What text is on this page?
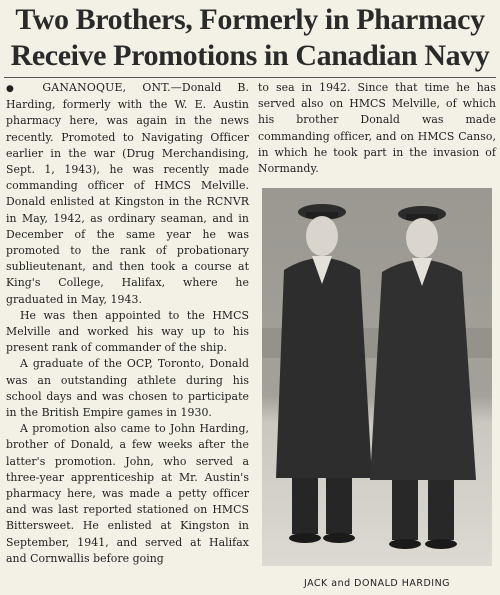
Two Brothers, Formerly in Pharmacy
Receive Promotions in Canadian Navy

● GANANOQUE, ONT.—Donald B. Harding, formerly with the W. E. Austin pharmacy here, was again in the news recently. Promoted to Navigating Officer earlier in the war (Drug Merchandising, Sept. 1, 1943), he was recently made commanding officer of HMCS Melville. Donald enlisted at Kingston in the RCNVR in May, 1942, as ordinary seaman, and in December of the same year he was promoted to the rank of probationary sublieutenant, and then took a course at King's College, Halifax, where he graduated in May, 1943.

He was then appointed to the HMCS Melville and worked his way up to his present rank of commander of the ship.

A graduate of the OCP, Toronto, Donald was an outstanding athlete during his school days and was chosen to participate in the British Empire games in 1930.

A promotion also came to John Harding, brother of Donald, a few weeks after the latter's promotion. John, who served a three-year apprenticeship at Mr. Austin's pharmacy here, was made a petty officer and was last reported stationed on HMCS Bittersweet. He enlisted at Kingston in September, 1941, and served at Halifax and Cornwallis before going

to sea in 1942. Since that time he has served also on HMCS Melville, of which his brother Donald was made commanding officer, and on HMCS Canso, in which he took part in the invasion of Normandy.

JACK and DONALD HARDING
